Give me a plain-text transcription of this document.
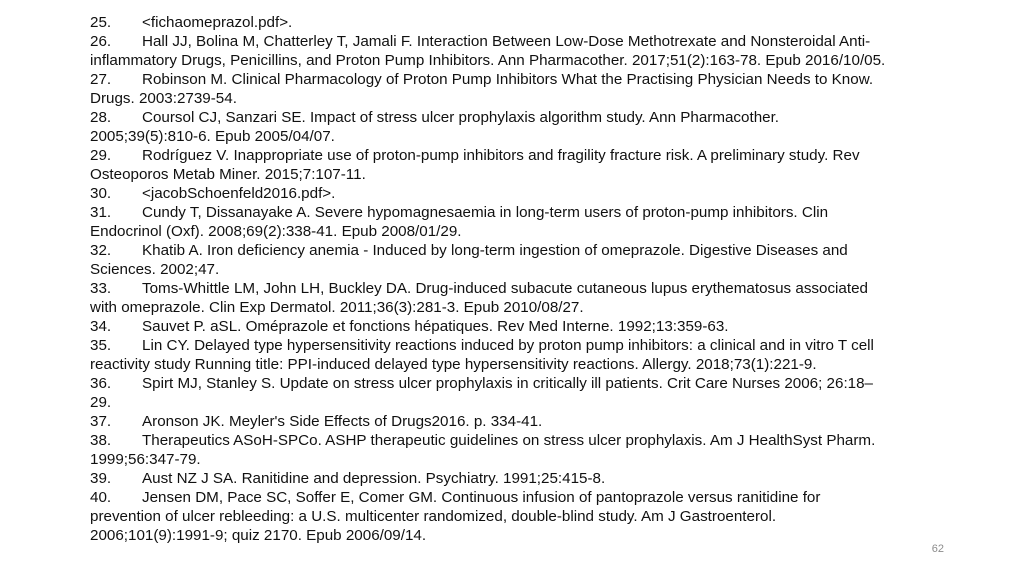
25. <fichaomeprazol.pdf>.
26. Hall JJ, Bolina M, Chatterley T, Jamali F. Interaction Between Low-Dose Methotrexate and Nonsteroidal Anti-inflammatory Drugs, Penicillins, and Proton Pump Inhibitors. Ann Pharmacother. 2017;51(2):163-78. Epub 2016/10/05.
27. Robinson M. Clinical Pharmacology of Proton Pump Inhibitors What the Practising Physician Needs to Know. Drugs. 2003:2739-54.
28. Coursol CJ, Sanzari SE. Impact of stress ulcer prophylaxis algorithm study. Ann Pharmacother. 2005;39(5):810-6. Epub 2005/04/07.
29. Rodríguez V. Inappropriate use of proton-pump inhibitors and fragility fracture risk. A preliminary study. Rev Osteoporos Metab Miner. 2015;7:107-11.
30. <jacobSchoenfeld2016.pdf>.
31. Cundy T, Dissanayake A. Severe hypomagnesaemia in long-term users of proton-pump inhibitors. Clin Endocrinol (Oxf). 2008;69(2):338-41. Epub 2008/01/29.
32. Khatib A. Iron deficiency anemia - Induced by long-term ingestion of omeprazole. Digestive Diseases and Sciences. 2002;47.
33. Toms-Whittle LM, John LH, Buckley DA. Drug-induced subacute cutaneous lupus erythematosus associated with omeprazole. Clin Exp Dermatol. 2011;36(3):281-3. Epub 2010/08/27.
34. Sauvet P. aSL. Oméprazole et fonctions hépatiques. Rev Med Interne. 1992;13:359-63.
35. Lin CY. Delayed type hypersensitivity reactions induced by proton pump inhibitors: a clinical and in vitro T cell reactivity study Running title: PPI-induced delayed type hypersensitivity reactions. Allergy. 2018;73(1):221-9.
36. Spirt MJ, Stanley S. Update on stress ulcer prophylaxis in critically ill patients. Crit Care Nurses 2006; 26:18–29.
37. Aronson JK. Meyler's Side Effects of Drugs2016. p. 334-41.
38. Therapeutics ASoH-SPCo. ASHP therapeutic guidelines on stress ulcer prophylaxis. Am J HealthSyst Pharm. 1999;56:347-79.
39. Aust NZ J SA. Ranitidine and depression. Psychiatry. 1991;25:415-8.
40. Jensen DM, Pace SC, Soffer E, Comer GM. Continuous infusion of pantoprazole versus ranitidine for prevention of ulcer rebleeding: a U.S. multicenter randomized, double-blind study. Am J Gastroenterol. 2006;101(9):1991-9; quiz 2170. Epub 2006/09/14.
62
